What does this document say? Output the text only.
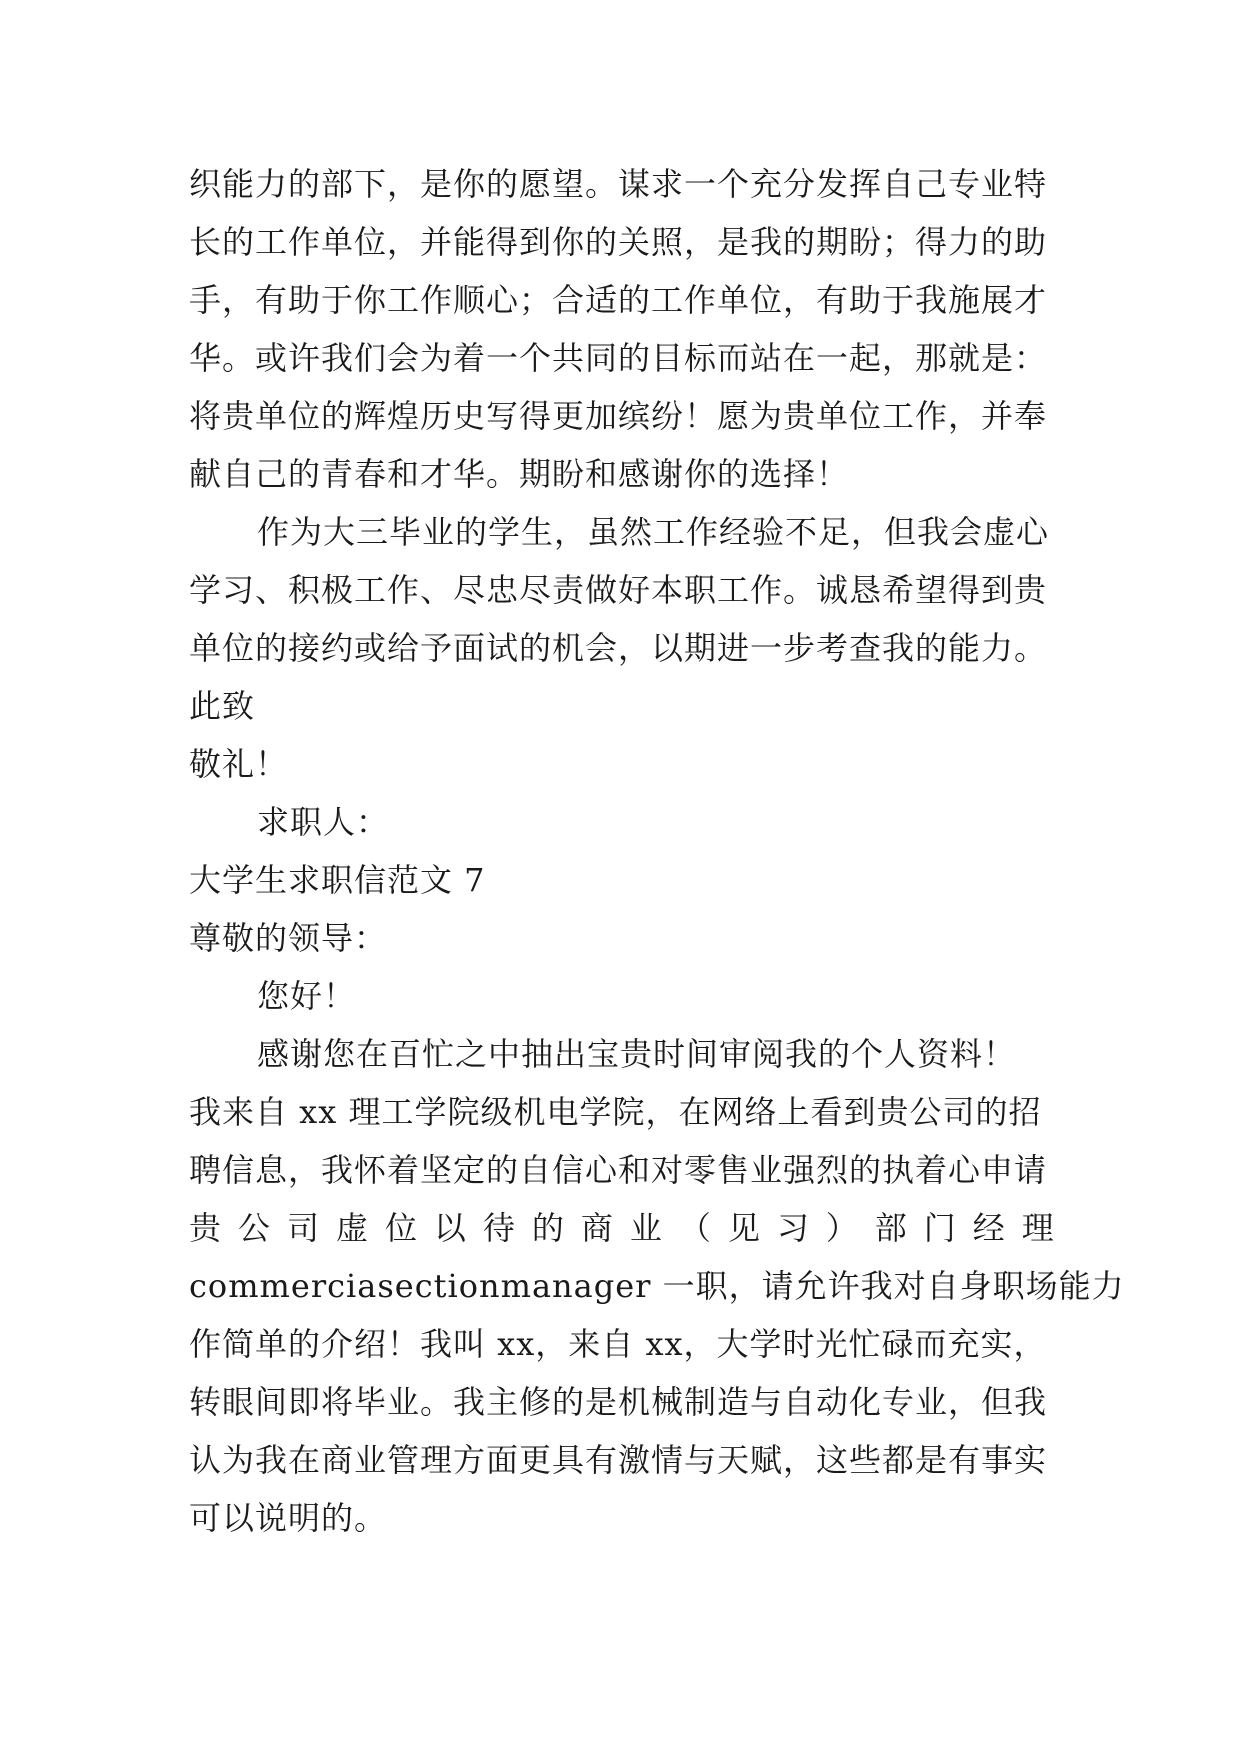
织能力的部下，是你的愿望。谋求一个充分发挥自己专业特
长的工作单位，并能得到你的关照，是我的期盼；得力的助
手，有助于你工作顺心；合适的工作单位，有助于我施展才
华。或许我们会为着一个共同的目标而站在一起，那就是：
将贵单位的辉煌历史写得更加缤纷！愿为贵单位工作，并奉
献自己的青春和才华。期盼和感谢你的选择！
作为大三毕业的学生，虽然工作经验不足，但我会虚心
学习、积极工作、尽忠尽责做好本职工作。诚恳希望得到贵
单位的接约或给予面试的机会，以期进一步考查我的能力。
此致
敬礼！
求职人：
大学生求职信范文 7
尊敬的领导：
您好！
感谢您在百忙之中抽出宝贵时间审阅我的个人资料！
我来自 xx 理工学院级机电学院，在网络上看到贵公司的招
聘信息，我怀着坚定的自信心和对零售业强烈的执着心申请
贵 公 司 虚 位 以 待 的 商 业 （ 见 习 ） 部 门 经 理
commerciasectionmanager 一职，请允许我对自身职场能力
作简单的介绍！我叫 xx，来自 xx，大学时光忙碌而充实，
转眼间即将毕业。我主修的是机械制造与自动化专业，但我
认为我在商业管理方面更具有激情与天赋，这些都是有事实
可以说明的。
